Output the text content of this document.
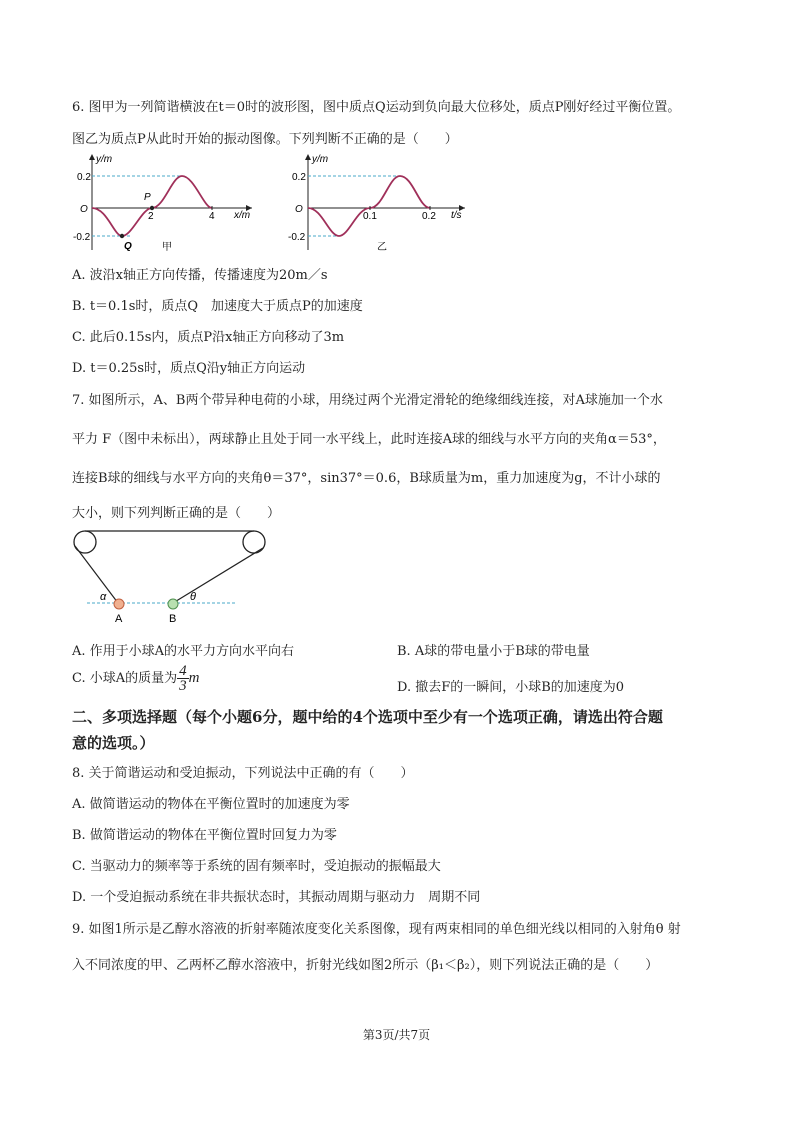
6. 图甲为一列简谐横波在t＝0时的波形图，图中质点Q运动到负向最大位移处，质点P刚好经过平衡位置。
图乙为质点P从此时开始的振动图像。下列判断不正确的是（　　）
y/m
x/m
0.2
-0.2
O
2	4
P
Q	甲
y/m
t/s
0.2
-0.2
O
0.1	0.2
乙
A. 波沿x轴正方向传播，传播速度为20m／s
B. t＝0.1s时，质点Q　加速度大于质点P的加速度
C. 此后0.15s内，质点P沿x轴正方向移动了3m
D. t＝0.25s时，质点Q沿y轴正方向运动
7. 如图所示，A、B两个带异种电荷的小球，用绕过两个光滑定滑轮的绝缘细线连接，对A球施加一个水
平力 F（图中未标出），两球静止且处于同一水平线上，此时连接A球的细线与水平方向的夹角α＝53°，
连接B球的细线与水平方向的夹角θ＝37°，sin37°＝0.6，B球质量为m，重力加速度为g，不计小球的
大小，则下列判断正确的是（　　）
α	θ
A	B
A. 作用于小球A的水平力方向水平向右	B. A球的带电量小于B球的带电量
C. 小球A的质量为 $\frac{4}{3}$ m
D. 撤去F的一瞬间，小球B的加速度为0
二、多项选择题（每个小题6分，题中给的4个选项中至少有一个选项正确，请选出符合题
意的选项。）
8. 关于简谐运动和受迫振动，下列说法中正确的有（　　）
A. 做简谐运动的物体在平衡位置时的加速度为零
B. 做简谐运动的物体在平衡位置时回复力为零
C. 当驱动力的频率等于系统的固有频率时，受迫振动的振幅最大
D. 一个受迫振动系统在非共振状态时，其振动周期与驱动力　周期不同
9. 如图1所示是乙醇水溶液的折射率随浓度变化关系图像，现有两束相同的单色细光线以相同的入射角θ 射
入不同浓度的甲、乙两杯乙醇水溶液中，折射光线如图2所示（β₁＜β₂），则下列说法正确的是（　　）
第3页/共7页
